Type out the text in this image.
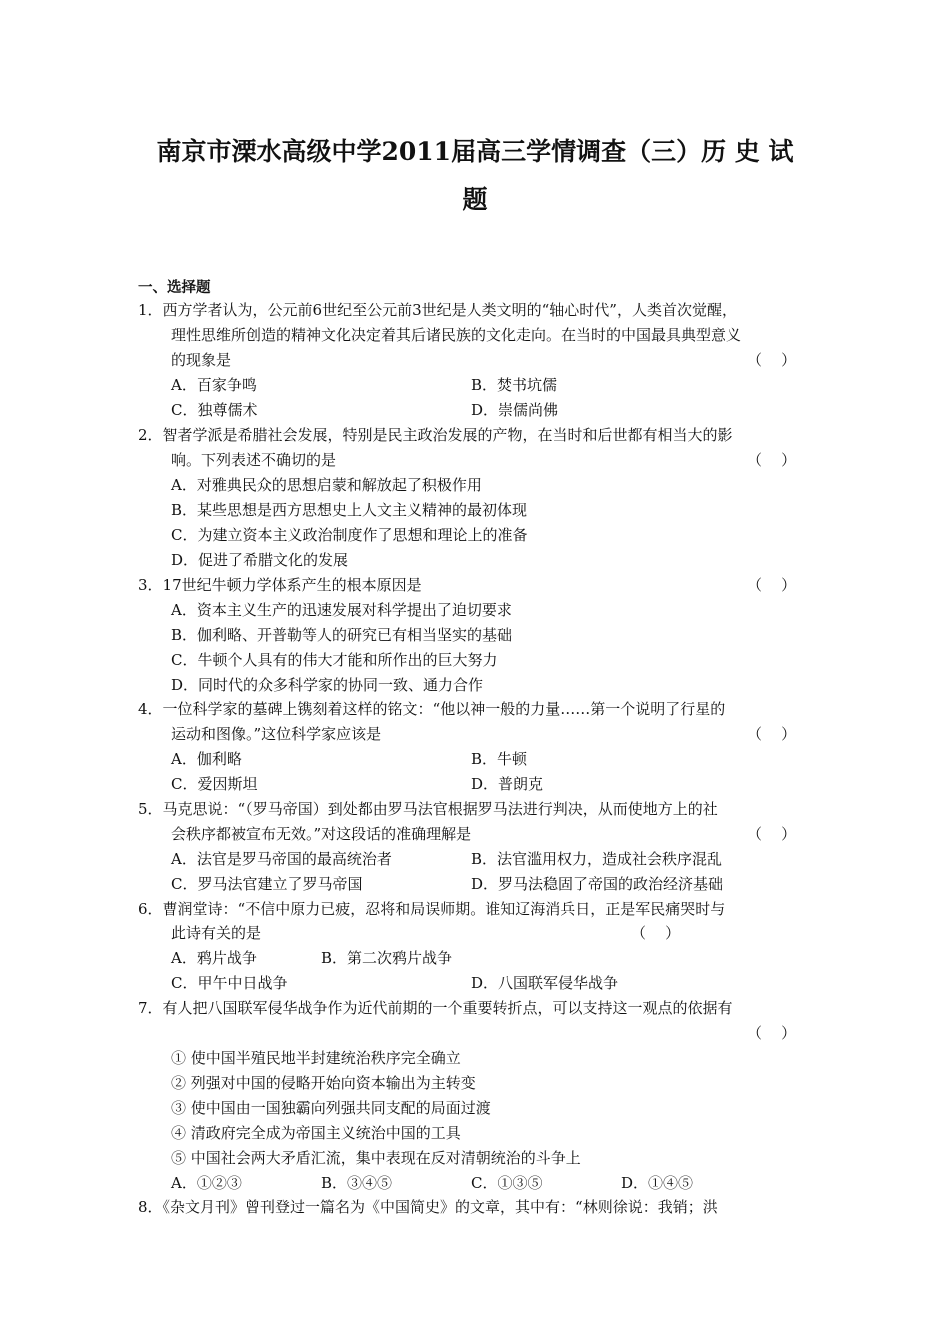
南京市溧水高级中学2011届高三学情调查（三）历 史 试
题
一、选择题
1．西方学者认为，公元前6世纪至公元前3世纪是人类文明的“轴心时代”，人类首次觉醒，
理性思维所创造的精神文化决定着其后诸民族的文化走向。在当时的中国最具典型意义
的现象是	（    ）
A．百家争鸣	B．焚书坑儒
C．独尊儒术	D．崇儒尚佛
2．智者学派是希腊社会发展，特别是民主政治发展的产物，在当时和后世都有相当大的影
响。下列表述不确切的是	（    ）
A．对雅典民众的思想启蒙和解放起了积极作用
B．某些思想是西方思想史上人文主义精神的最初体现
C．为建立资本主义政治制度作了思想和理论上的准备
D．促进了希腊文化的发展
3．17世纪牛顿力学体系产生的根本原因是	（    ）
A．资本主义生产的迅速发展对科学提出了迫切要求
B．伽利略、开普勒等人的研究已有相当坚实的基础
C．牛顿个人具有的伟大才能和所作出的巨大努力
D．同时代的众多科学家的协同一致、通力合作
4．一位科学家的墓碑上镌刻着这样的铭文：“他以神一般的力量……第一个说明了行星的
运动和图像。”这位科学家应该是	（    ）
A．伽利略	B．牛顿
C．爱因斯坦	D．普朗克
5．马克思说：“（罗马帝国）到处都由罗马法官根据罗马法进行判决，从而使地方上的社
会秩序都被宣布无效。”对这段话的准确理解是	（    ）
A．法官是罗马帝国的最高统治者	B．法官滥用权力，造成社会秩序混乱
C．罗马法官建立了罗马帝国	D．罗马法稳固了帝国的政治经济基础
6．曹润堂诗：“不信中原力已疲，忍将和局误师期。谁知辽海消兵日，正是军民痛哭时与
此诗有关的是	（    ）
A．鸦片战争	B．第二次鸦片战争
C．甲午中日战争	D．八国联军侵华战争
7．有人把八国联军侵华战争作为近代前期的一个重要转折点，可以支持这一观点的依据有
（    ）
① 使中国半殖民地半封建统治秩序完全确立
② 列强对中国的侵略开始向资本输出为主转变
③ 使中国由一国独霸向列强共同支配的局面过渡
④ 清政府完全成为帝国主义统治中国的工具
⑤ 中国社会两大矛盾汇流，集中表现在反对清朝统治的斗争上
A．①②③	B．③④⑤	C．①③⑤	D．①④⑤
8．《杂文月刊》曾刊登过一篇名为《中国简史》的文章，其中有：“林则徐说：我销；洪
